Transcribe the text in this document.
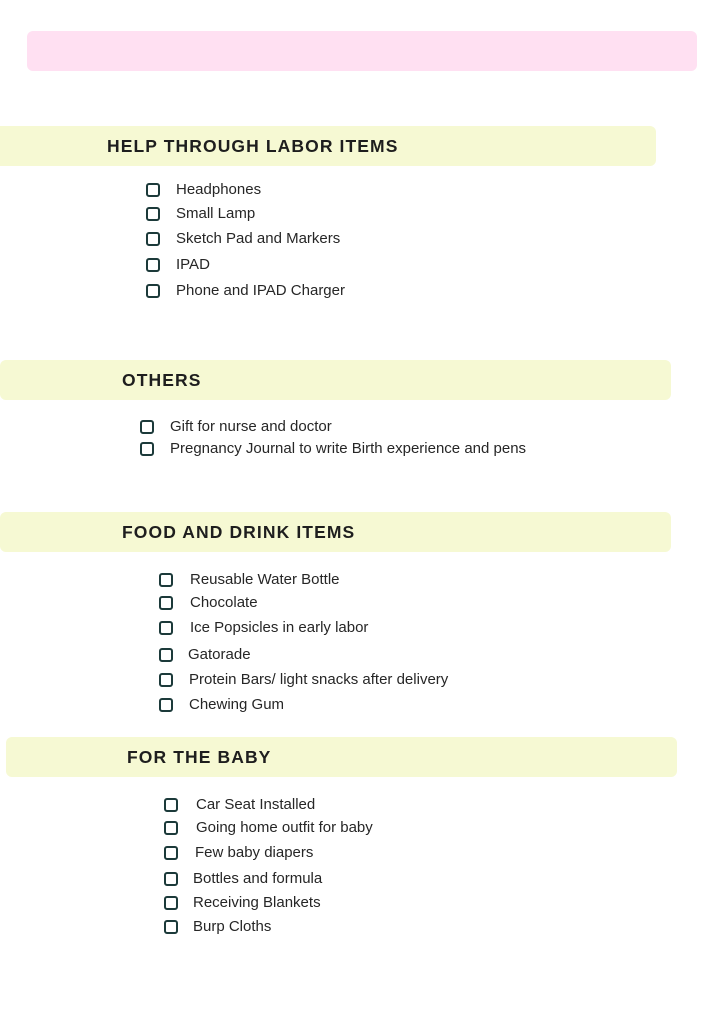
HELP THROUGH LABOR ITEMS
Headphones
Small Lamp
Sketch Pad and Markers
IPAD
Phone and IPAD Charger
OTHERS
Gift for nurse and doctor
Pregnancy Journal to write Birth experience and pens
FOOD AND DRINK ITEMS
Reusable Water Bottle
Chocolate
Ice Popsicles in early labor
Gatorade
Protein Bars/ light snacks after delivery
Chewing Gum
FOR THE BABY
Car Seat Installed
Going home outfit for baby
Few baby diapers
Bottles and formula
Receiving Blankets
Burp Cloths
